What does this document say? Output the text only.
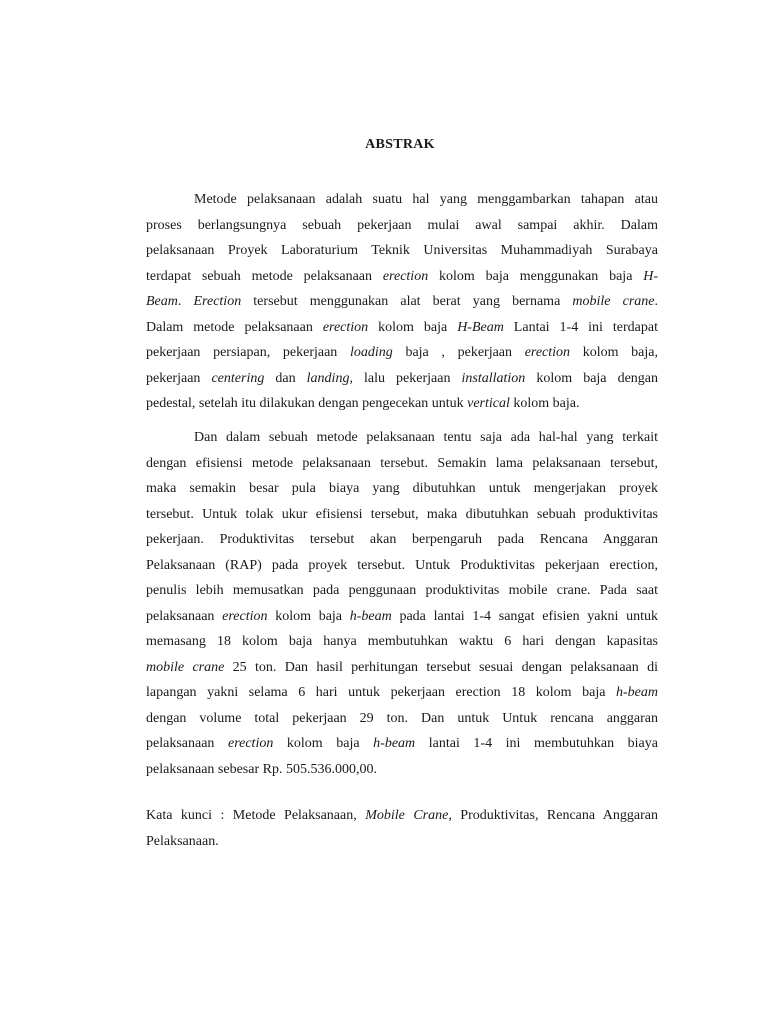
ABSTRAK
Metode pelaksanaan adalah suatu hal yang menggambarkan tahapan atau
proses berlangsungnya sebuah pekerjaan mulai awal sampai akhir. Dalam
pelaksanaan Proyek Laboraturium Teknik Universitas Muhammadiyah Surabaya
terdapat sebuah metode pelaksanaan erection kolom baja menggunakan baja H-
Beam. Erection tersebut menggunakan alat berat yang bernama mobile crane.
Dalam metode pelaksanaan erection kolom baja H-Beam Lantai 1-4 ini terdapat
pekerjaan persiapan, pekerjaan loading baja , pekerjaan erection kolom baja,
pekerjaan centering dan landing, lalu pekerjaan installation kolom baja dengan
pedestal, setelah itu dilakukan dengan pengecekan untuk vertical kolom baja.
Dan dalam sebuah metode pelaksanaan tentu saja ada hal-hal yang terkait
dengan efisiensi metode pelaksanaan tersebut. Semakin lama pelaksanaan tersebut,
maka semakin besar pula biaya yang dibutuhkan untuk mengerjakan proyek
tersebut. Untuk tolak ukur efisiensi tersebut, maka dibutuhkan sebuah produktivitas
pekerjaan. Produktivitas tersebut akan berpengaruh pada Rencana Anggaran
Pelaksanaan (RAP) pada proyek tersebut. Untuk Produktivitas pekerjaan erection,
penulis lebih memusatkan pada penggunaan produktivitas mobile crane. Pada saat
pelaksanaan erection kolom baja h-beam pada lantai 1-4 sangat efisien yakni untuk
memasang 18 kolom baja hanya membutuhkan waktu 6 hari dengan kapasitas
mobile crane 25 ton. Dan hasil perhitungan tersebut sesuai dengan pelaksanaan di
lapangan yakni selama 6 hari untuk pekerjaan erection 18 kolom baja h-beam
dengan volume total pekerjaan 29 ton. Dan untuk Untuk rencana anggaran
pelaksanaan erection kolom baja h-beam lantai 1-4 ini membutuhkan biaya
pelaksanaan sebesar Rp. 505.536.000,00.
Kata kunci : Metode Pelaksanaan, Mobile Crane, Produktivitas, Rencana Anggaran
Pelaksanaan.
